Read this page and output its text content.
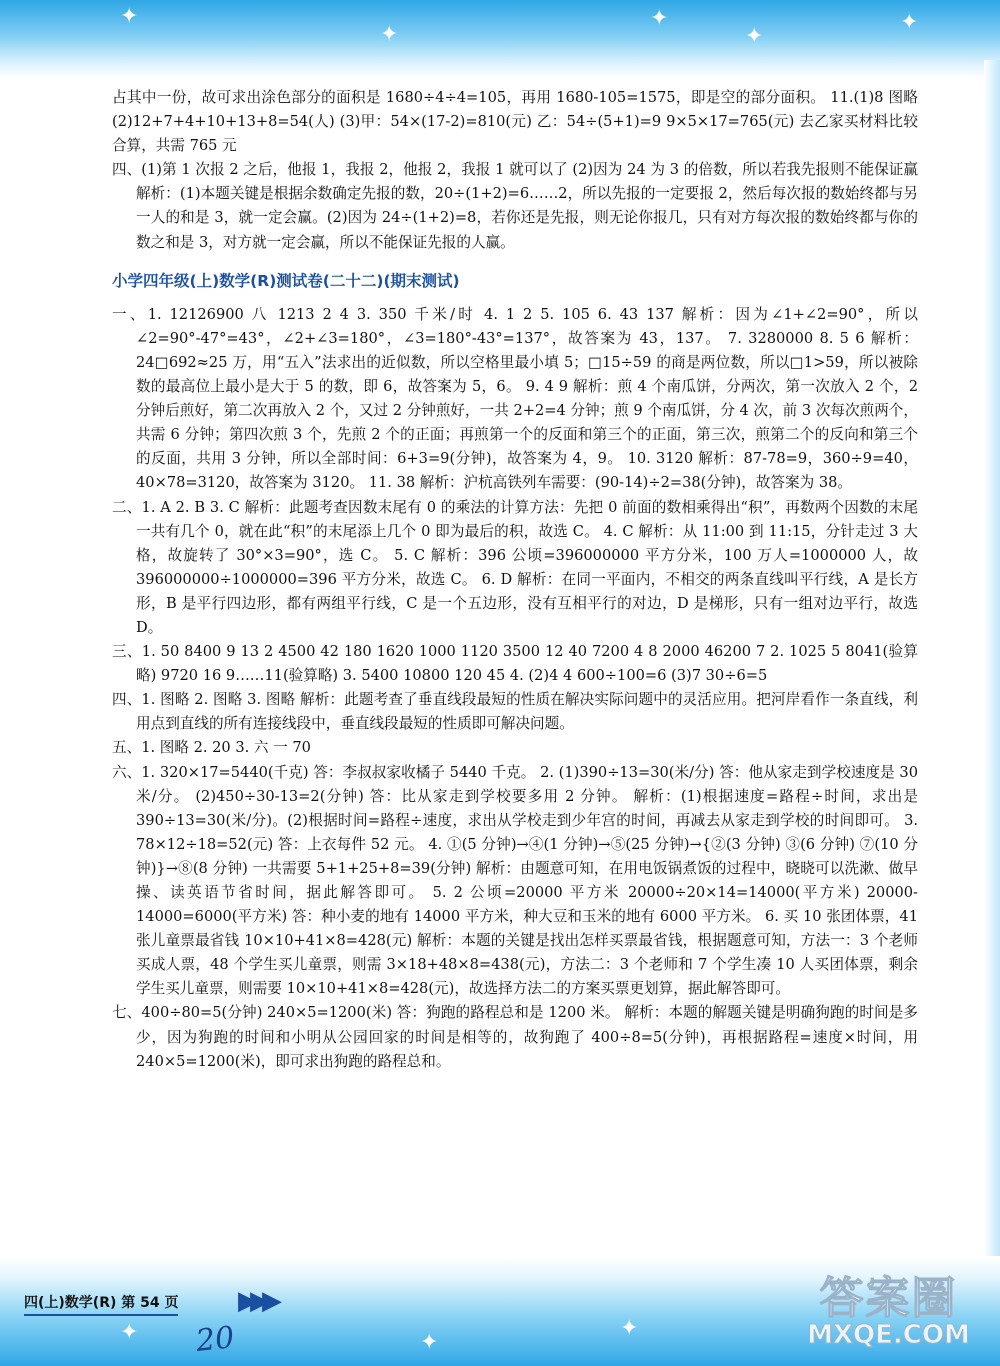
✦
✦
✦
✦
✦
✦	✦
✦

占其中一份，故可求出涂色部分的面积是 1680÷4÷4=105，再用 1680-105=1575，即是空的部分面积。 11.(1)8 图略 (2)12+7+4+10+13+8=54(人) (3)甲：54×(17-2)=810(元) 乙：54÷(5+1)=9 9×5×17=765(元) 去乙家买材料比较合算，共需 765 元

四、(1)第 1 次报 2 之后，他报 1，我报 2，他报 2，我报 1 就可以了 (2)因为 24 为 3 的倍数，所以若我先报则不能保证赢 解析：(1)本题关键是根据余数确定先报的数，20÷(1+2)=6……2，所以先报的一定要报 2，然后每次报的数始终都与另一人的和是 3，就一定会赢。(2)因为 24÷(1+2)=8，若你还是先报，则无论你报几，只有对方每次报的数始终都与你的数之和是 3，对方就一定会赢，所以不能保证先报的人赢。

小学四年级(上)数学(R)测试卷(二十二)(期末测试)

一、1. 12126900 八 1213 2 4 3. 350 千米/时 4. 1 2 5. 105 6. 43 137 解析：因为∠1+∠2=90°，所以∠2=90°-47°=43°，∠2+∠3=180°，∠3=180°-43°=137°，故答案为 43，137。 7. 3280000 8. 5 6 解析：24□692≈25 万，用“五入”法求出的近似数，所以空格里最小填 5；□15÷59 的商是两位数，所以□1>59，所以被除数的最高位上最小是大于 5 的数，即 6，故答案为 5，6。 9. 4 9 解析：煎 4 个南瓜饼，分两次，第一次放入 2 个，2 分钟后煎好，第二次再放入 2 个，又过 2 分钟煎好，一共 2+2=4 分钟；煎 9 个南瓜饼，分 4 次，前 3 次每次煎两个，共需 6 分钟；第四次煎 3 个，先煎 2 个的正面；再煎第一个的反面和第三个的正面，第三次，煎第二个的反向和第三个的反面，共用 3 分钟，所以全部时间：6+3=9(分钟)，故答案为 4，9。 10. 3120 解析：87-78=9，360÷9=40，40×78=3120，故答案为 3120。 11. 38 解析：沪杭高铁列车需要：(90-14)÷2=38(分钟)，故答案为 38。

二、1. A 2. B 3. C 解析：此题考查因数末尾有 0 的乘法的计算方法：先把 0 前面的数相乘得出“积”，再数两个因数的末尾一共有几个 0，就在此“积”的末尾添上几个 0 即为最后的积，故选 C。 4. C 解析：从 11:00 到 11:15，分针走过 3 大格，故旋转了 30°×3=90°，选 C。 5. C 解析：396 公顷=396000000 平方分米，100 万人=1000000 人，故 396000000÷1000000=396 平方分米，故选 C。 6. D 解析：在同一平面内，不相交的两条直线叫平行线，A 是长方形，B 是平行四边形，都有两组平行线，C 是一个五边形，没有互相平行的对边，D 是梯形，只有一组对边平行，故选 D。

三、1. 50 8400 9 13 2 4500 42 180 1620 1000 1120 3500 12 40 7200 4 8 2000 46200 7 2. 1025 5 8041(验算略) 9720 16 9……11(验算略) 3. 5400 10800 120 45 4. (2)4 4 600÷100=6 (3)7 30÷6=5

四、1. 图略 2. 图略 3. 图略 解析：此题考查了垂直线段最短的性质在解决实际问题中的灵活应用。把河岸看作一条直线，利用点到直线的所有连接线段中，垂直线段最短的性质即可解决问题。

五、1. 图略 2. 20 3. 六 一 70

六、1. 320×17=5440(千克) 答：李叔叔家收橘子 5440 千克。 2. (1)390÷13=30(米/分) 答：他从家走到学校速度是 30 米/分。 (2)450÷30-13=2(分钟) 答：比从家走到学校要多用 2 分钟。 解析：(1)根据速度=路程÷时间，求出是 390÷13=30(米/分)。(2)根据时间=路程÷速度，求出从学校走到少年宫的时间，再减去从家走到学校的时间即可。 3. 78×12÷18=52(元) 答：上衣每件 52 元。 4. ①(5 分钟)→④(1 分钟)→⑤(25 分钟)→{②(3 分钟) ③(6 分钟) ⑦(10 分钟)}→⑧(8 分钟) 一共需要 5+1+25+8=39(分钟) 解析：由题意可知，在用电饭锅煮饭的过程中，晓晓可以洗漱、做早操、读英语节省时间，据此解答即可。 5. 2 公顷=20000 平方米 20000÷20×14=14000(平方米) 20000-14000=6000(平方米) 答：种小麦的地有 14000 平方米，种大豆和玉米的地有 6000 平方米。 6. 买 10 张团体票，41 张儿童票最省钱 10×10+41×8=428(元) 解析：本题的关键是找出怎样买票最省钱，根据题意可知，方法一：3 个老师买成人票，48 个学生买儿童票，则需 3×18+48×8=438(元)，方法二：3 个老师和 7 个学生凑 10 人买团体票，剩余学生买儿童票，则需要 10×10+41×8=428(元)，故选择方法二的方案买票更划算，据此解答即可。

七、400÷80=5(分钟) 240×5=1200(米) 答：狗跑的路程总和是 1200 米。 解析：本题的解题关键是明确狗跑的时间是多少，因为狗跑的时间和小明从公园回家的时间是相等的，故狗跑了 400÷8=5(分钟)，再根据路程=速度×时间，用 240×5=1200(米)，即可求出狗跑的路程总和。

四(上)数学(R) 第 54 页 ▶▶▶
20
答案圈
MXQE.COM
